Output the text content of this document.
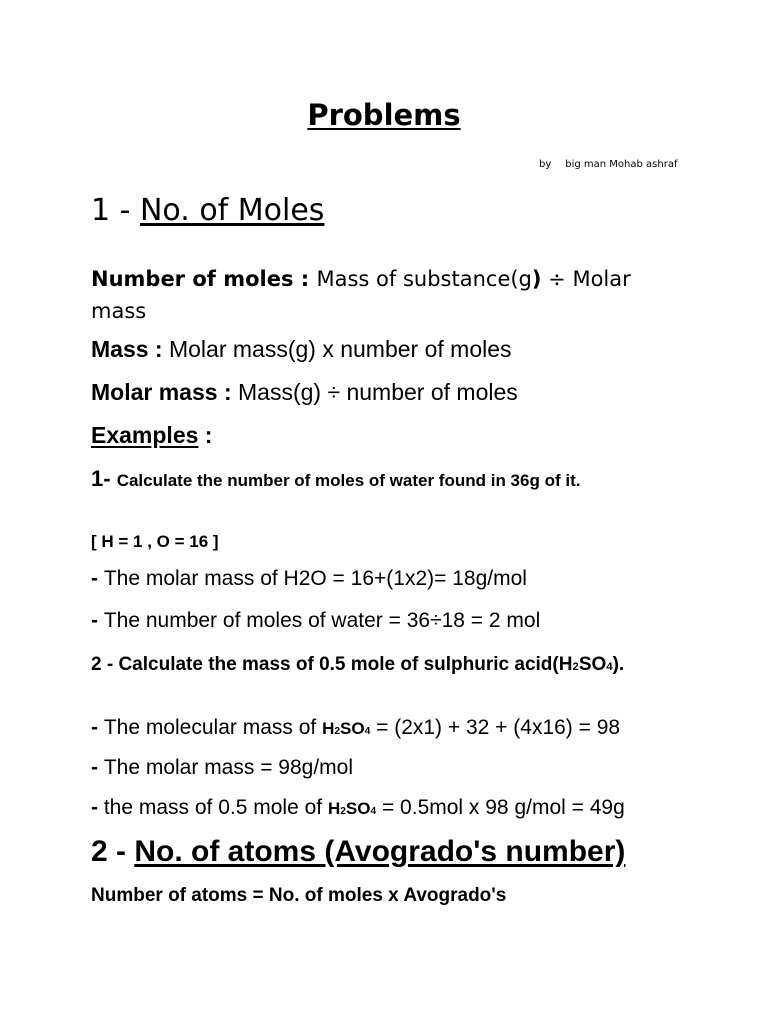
Problems
by big man Mohab ashraf
1 - No. of Moles
Number of moles : Mass of substance(g) ÷ Molar mass
Mass : Molar mass(g) x number of moles
Molar mass : Mass(g) ÷ number of moles
Examples :
1- Calculate the number of moles of water found in 36g of it.
[ H = 1 , O = 16 ]
- The molar mass of H2O = 16+(1x2)= 18g/mol
- The number of moles of water = 36÷18 = 2 mol
2 - Calculate the mass of 0.5 mole of sulphuric acid(H2SO4).
- The molecular mass of H2SO4 = (2x1) + 32 + (4x16) = 98
- The molar mass = 98g/mol
- the mass of 0.5 mole of H2SO4 = 0.5mol x 98 g/mol = 49g
2 - No. of atoms (Avogrado's number)
Number of atoms = No. of moles x Avogrado's
